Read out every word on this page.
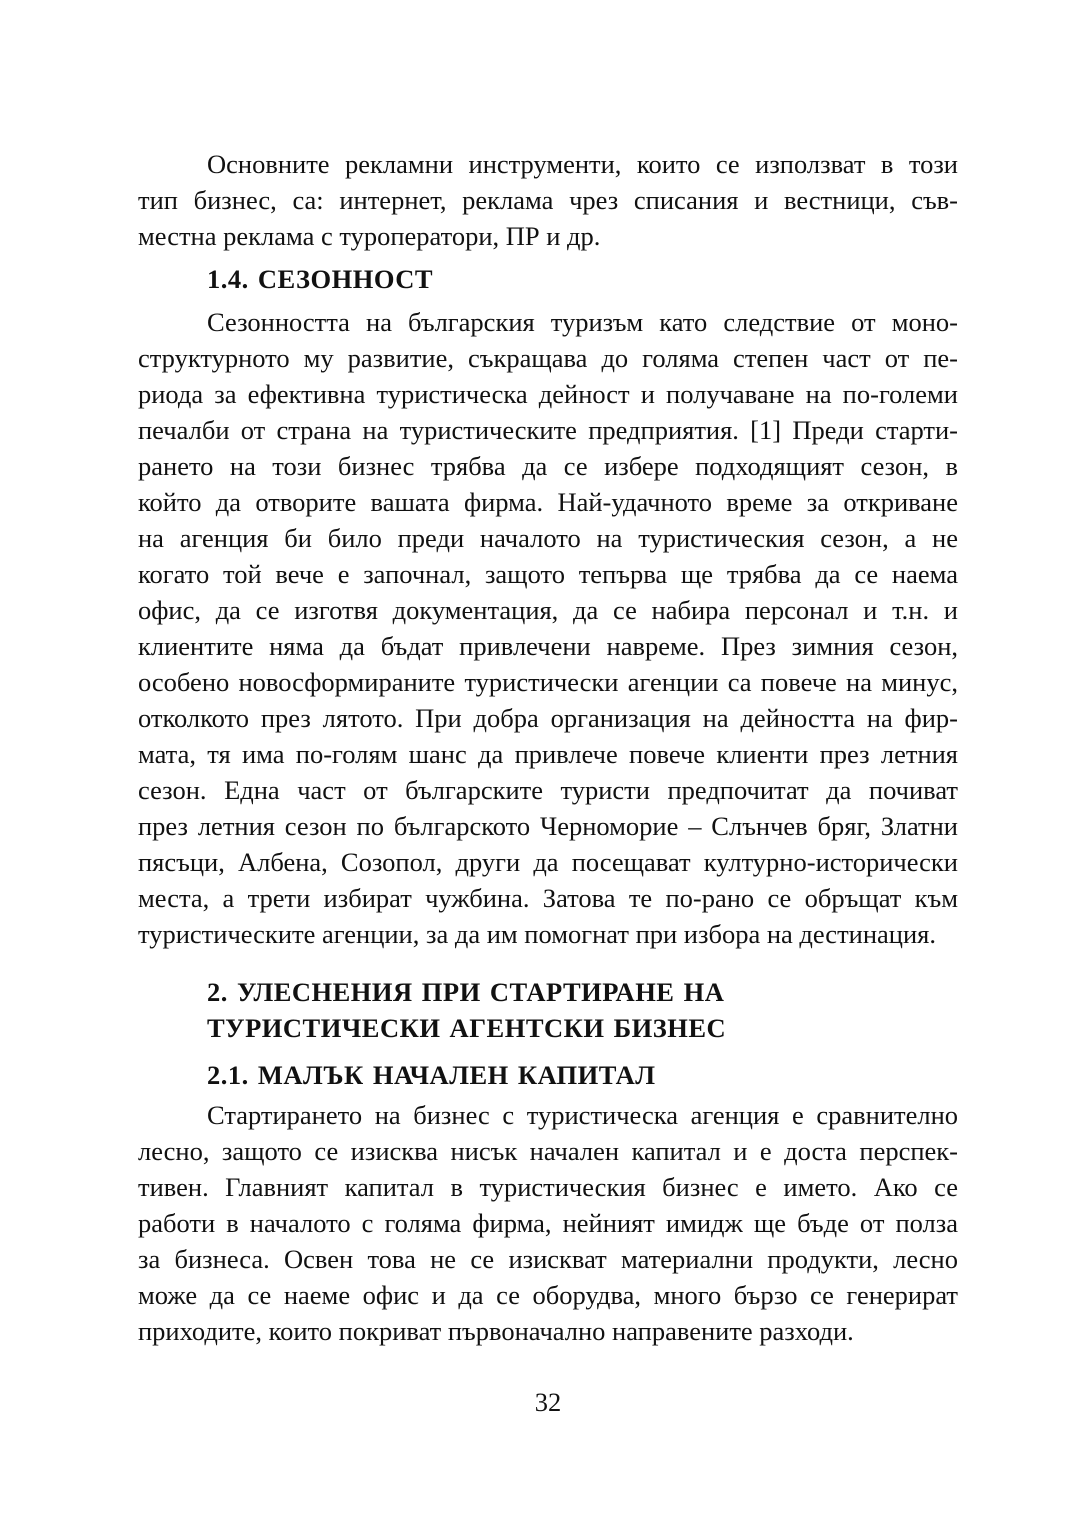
Основните рекламни инструменти, които се използват в този
тип бизнес, са: интернет, реклама чрез списания и вестници, съв-
местна реклама с туроператори, ПР и др.
1.4. СЕЗОННОСТ
Сезонността на българския туризъм като следствие от моно-
структурното му развитие, съкращава до голяма степен част от пе-
риода за ефективна туристическа дейност и получаване на по-големи
печалби от страна на туристическите предприятия. [1] Преди старти-
рането на този бизнес трябва да се избере подходящият сезон, в
който да отворите вашата фирма. Най-удачното време за откриване
на агенция би било преди началото на туристическия сезон, а не
когато той вече е започнал, защото тепърва ще трябва да се наема
офис, да се изготвя документация, да се набира персонал и т.н. и
клиентите няма да бъдат привлечени навреме. През зимния сезон,
особено новосформираните туристически агенции са повече на минус,
отколкото през лятото. При добра организация на дейността на фир-
мата, тя има по-голям шанс да привлече повече клиенти през летния
сезон. Една част от българските туристи предпочитат да почиват
през летния сезон по българското Черноморие – Слънчев бряг, Златни
пясъци, Албена, Созопол, други да посещават културно-исторически
места, а трети избират чужбина. Затова те по-рано се обръщат към
туристическите агенции, за да им помогнат при избора на дестинация.
2. УЛЕСНЕНИЯ ПРИ СТАРТИРАНЕ НА
ТУРИСТИЧЕСКИ АГЕНТСКИ БИЗНЕС
2.1. МАЛЪК НАЧАЛЕН КАПИТАЛ
Стартирането на бизнес с туристическа агенция е сравнително
лесно, защото се изисква нисък начален капитал и е доста перспек-
тивен. Главният капитал в туристическия бизнес е името. Ако се
работи в началото с голяма фирма, нейният имидж ще бъде от полза
за бизнеса. Освен това не се изискват материални продукти, лесно
може да се наеме офис и да се оборудва, много бързо се генерират
приходите, които покриват първоначално направените разходи.
32
